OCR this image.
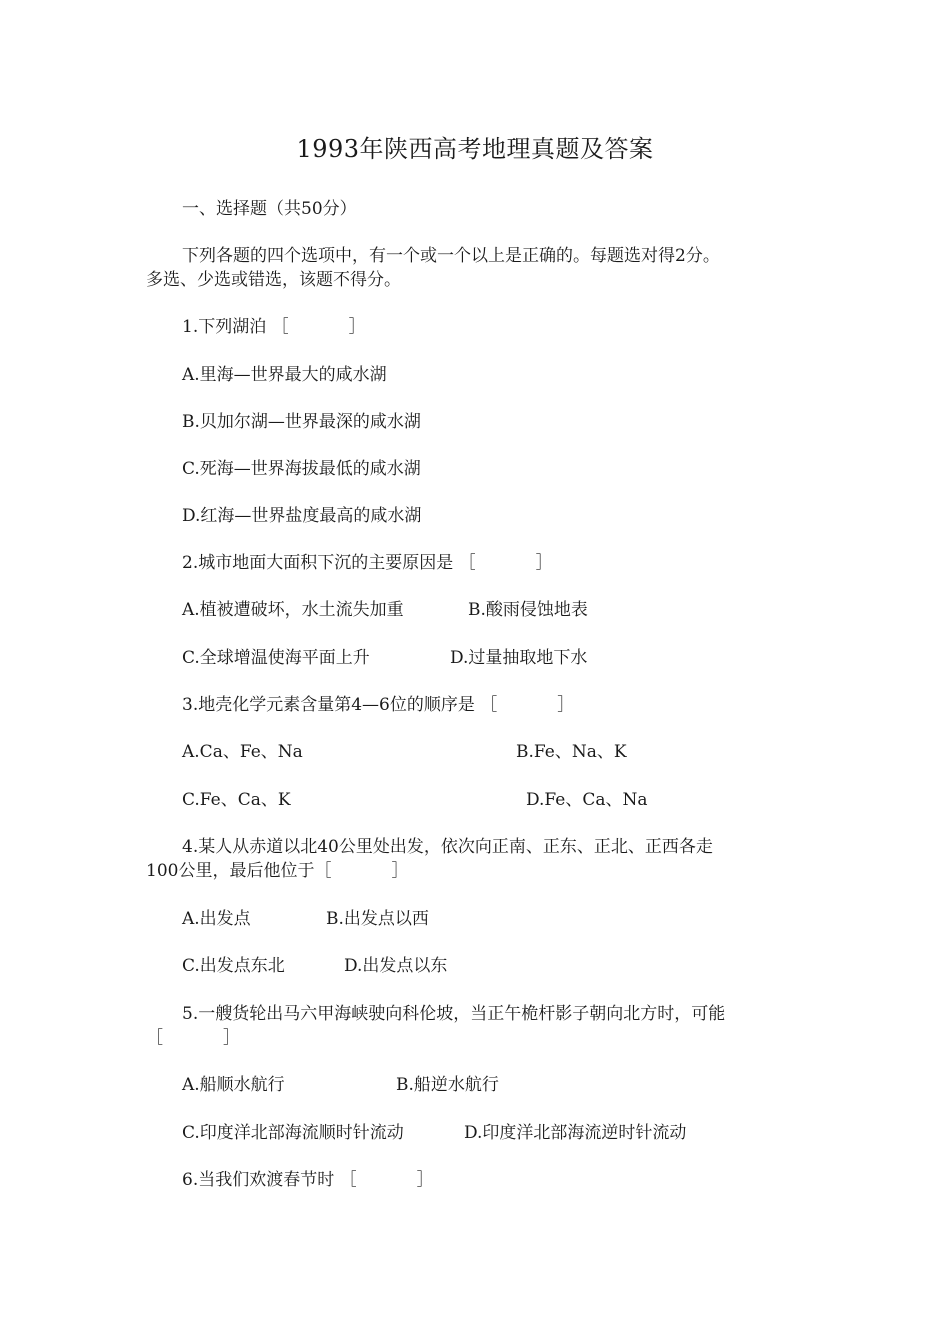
1993年陕西高考地理真题及答案
一、选择题（共50分）
下列各题的四个选项中，有一个或一个以上是正确的。每题选对得2分。
多选、少选或错选，该题不得分。
1.下列湖泊 ［	］
A.里海—世界最大的咸水湖
B.贝加尔湖—世界最深的咸水湖
C.死海—世界海拔最低的咸水湖
D.红海—世界盐度最高的咸水湖
2.城市地面大面积下沉的主要原因是 ［	］
A.植被遭破坏，水土流失加重	B.酸雨侵蚀地表
C.全球增温使海平面上升	D.过量抽取地下水
3.地壳化学元素含量第4—6位的顺序是 ［	］
A.Ca、Fe、Na	B.Fe、Na、K
C.Fe、Ca、K	D.Fe、Ca、Na
4.某人从赤道以北40公里处出发，依次向正南、正东、正北、正西各走
100公里，最后他位于［	］
A.出发点	B.出发点以西
C.出发点东北	D.出发点以东
5.一艘货轮出马六甲海峡驶向科伦坡，当正午桅杆影子朝向北方时，可能
［	］
A.船顺水航行	B.船逆水航行
C.印度洋北部海流顺时针流动	D.印度洋北部海流逆时针流动
6.当我们欢渡春节时 ［	］
